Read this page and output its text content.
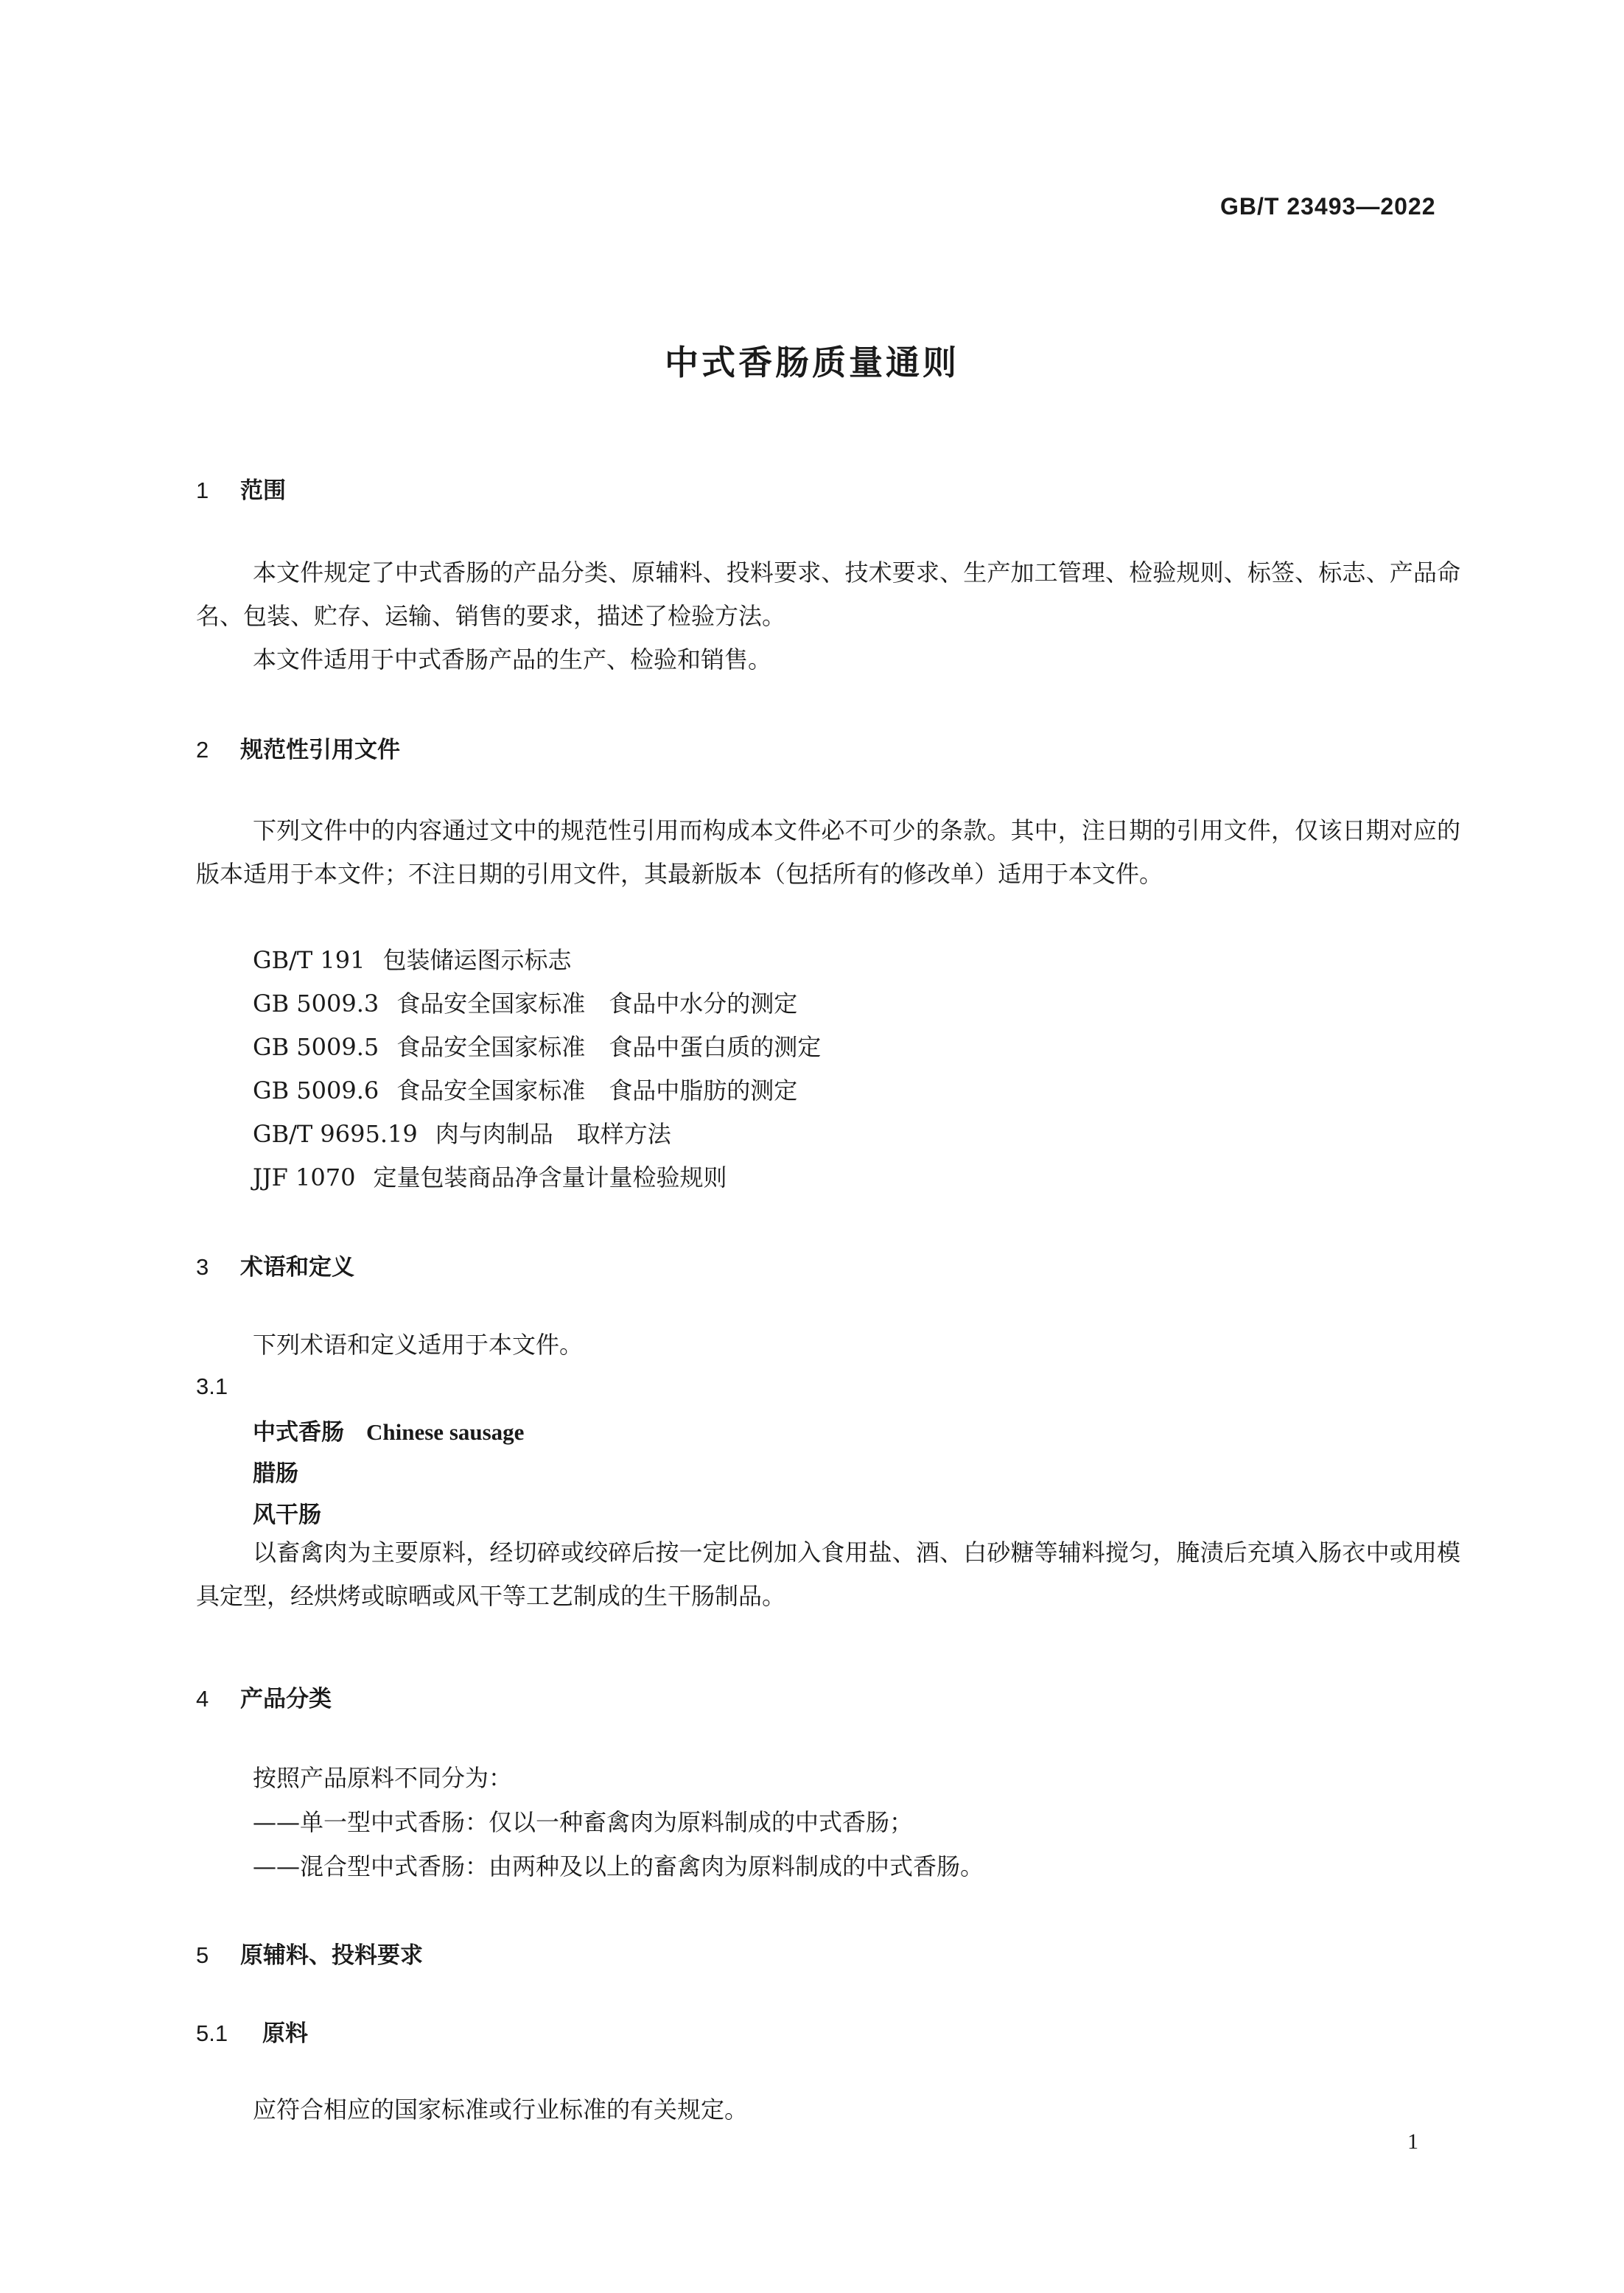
GB/T 23493—2022
中式香肠质量通则
1 范围
本文件规定了中式香肠的产品分类、原辅料、投料要求、技术要求、生产加工管理、检验规则、标签、标志、产品命名、包装、贮存、运输、销售的要求，描述了检验方法。
本文件适用于中式香肠产品的生产、检验和销售。
2 规范性引用文件
下列文件中的内容通过文中的规范性引用而构成本文件必不可少的条款。其中，注日期的引用文件，仅该日期对应的版本适用于本文件；不注日期的引用文件，其最新版本（包括所有的修改单）适用于本文件。
GB/T 191 包装储运图示标志
GB 5009.3 食品安全国家标准　食品中水分的测定
GB 5009.5 食品安全国家标准　食品中蛋白质的测定
GB 5009.6 食品安全国家标准　食品中脂肪的测定
GB/T 9695.19 肉与肉制品　取样方法
JJF 1070 定量包装商品净含量计量检验规则
3 术语和定义
下列术语和定义适用于本文件。
3.1
中式香肠 Chinese sausage
腊肠
风干肠
以畜禽肉为主要原料，经切碎或绞碎后按一定比例加入食用盐、酒、白砂糖等辅料搅匀，腌渍后充填入肠衣中或用模具定型，经烘烤或晾晒或风干等工艺制成的生干肠制品。
4 产品分类
按照产品原料不同分为：
——单一型中式香肠：仅以一种畜禽肉为原料制成的中式香肠；
——混合型中式香肠：由两种及以上的畜禽肉为原料制成的中式香肠。
5 原辅料、投料要求
5.1 原料
应符合相应的国家标准或行业标准的有关规定。
1
